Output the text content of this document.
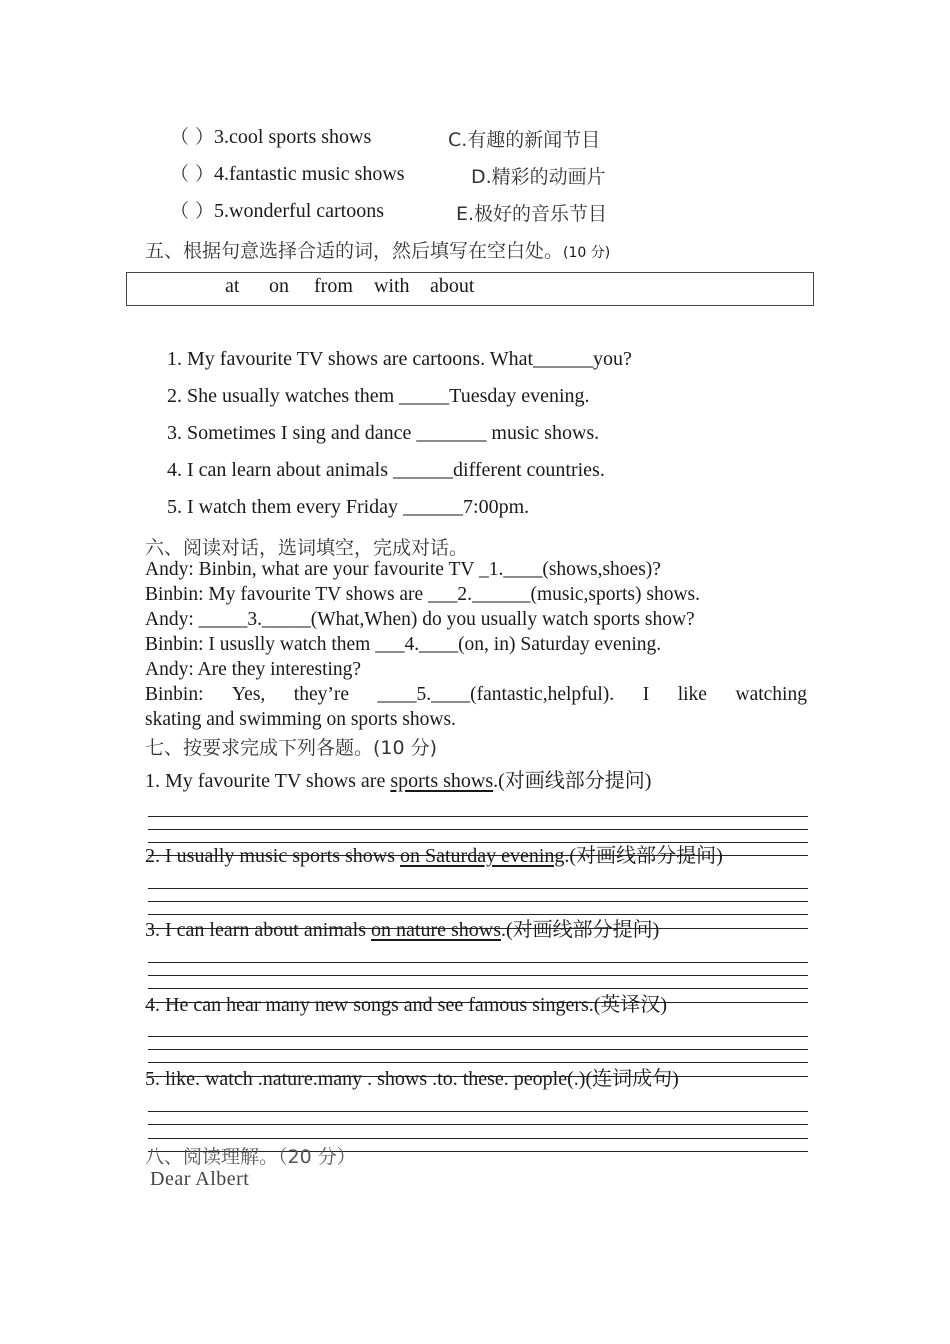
（ ）3.cool sports shows	C.有趣的新闻节目
（ ）4.fantastic music shows	D.精彩的动画片
（ ）5.wonderful cartoons	E.极好的音乐节目
五、根据句意选择合适的词，然后填写在空白处。(10 分)
at on from with about
1. My favourite TV shows are cartoons. What______you?
2. She usually watches them _____Tuesday evening.
3. Sometimes I sing and dance _______ music shows.
4. I can learn about animals ______different countries.
5. I watch them every Friday ______7:00pm.
六、阅读对话，选词填空，完成对话。
Andy: Binbin, what are your favourite TV _1.____(shows,shoes)?
Binbin: My favourite TV shows are ___2.______(music,sports) shows.
Andy: _____3._____(What,When) do you usually watch sports show?
Binbin: I ususlly watch them ___4.____(on, in) Saturday evening.
Andy: Are they interesting?
Binbin: Yes, they’re ____5.____(fantastic,helpful). I like watching
skating and swimming on sports shows.
七、按要求完成下列各题。(10 分)
1. My favourite TV shows are sports shows.(对画线部分提问)
2. I usually music sports shows on Saturday evening.(对画线部分提问)
3. I can learn about animals on nature shows.(对画线部分提问)
4. He can hear many new songs and see famous singers.(英译汉)
5. like. watch .nature.many . shows .to. these. people(.)(连词成句)
八、阅读理解。（20 分）
Dear Albert
